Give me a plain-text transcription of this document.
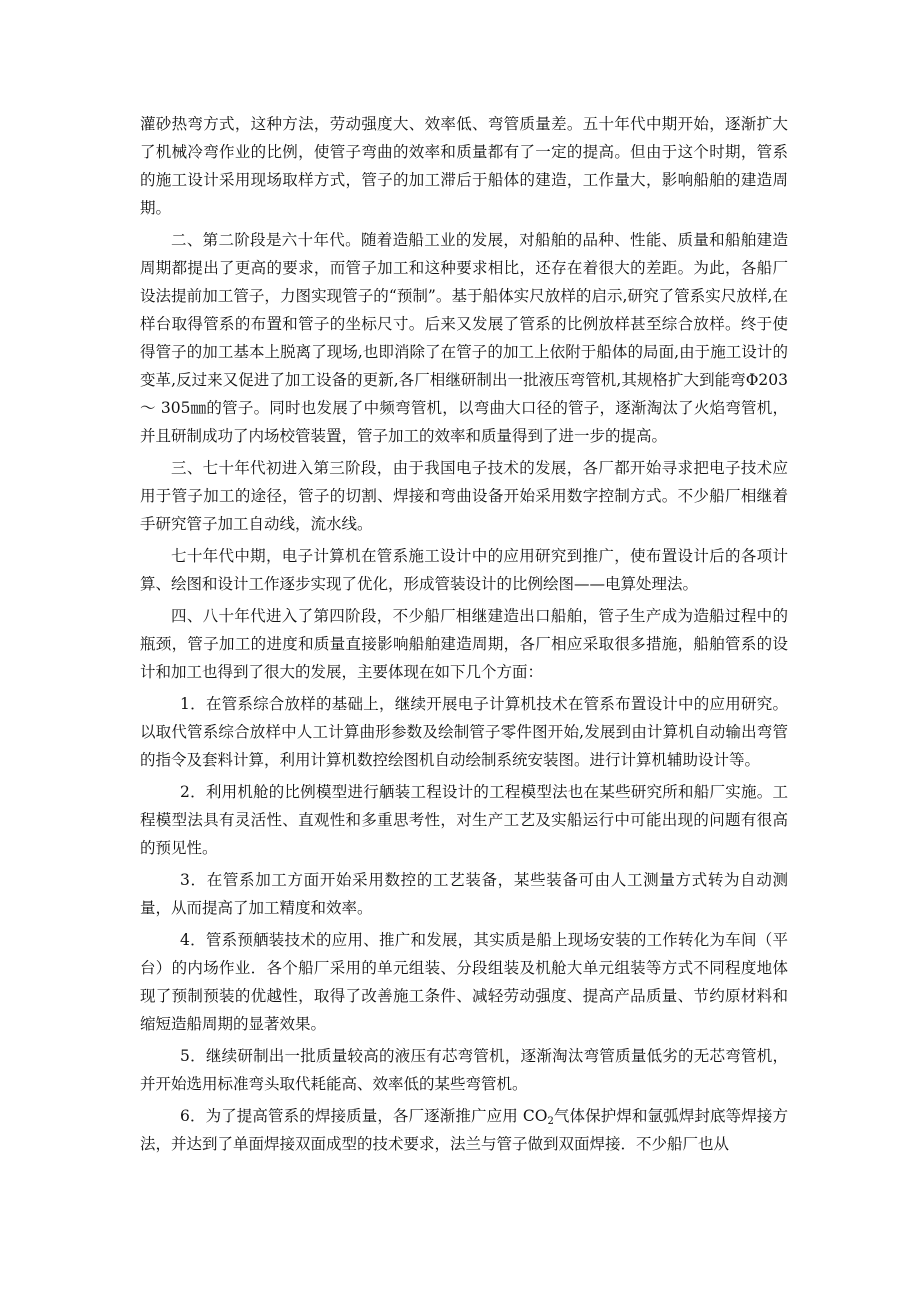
灌砂热弯方式，这种方法，劳动强度大、效率低、弯管质量差。五十年代中期开始，逐渐扩大了机械冷弯作业的比例，使管子弯曲的效率和质量都有了一定的提高。但由于这个时期，管系的施工设计采用现场取样方式，管子的加工滞后于船体的建造，工作量大，影响船舶的建造周期。

二、第二阶段是六十年代。随着造船工业的发展，对船舶的品种、性能、质量和船舶建造周期都提出了更高的要求，而管子加工和这种要求相比，还存在着很大的差距。为此，各船厂设法提前加工管子，力图实现管子的“预制”。基于船体实尺放样的启示,研究了管系实尺放样,在样台取得管系的布置和管子的坐标尺寸。后来又发展了管系的比例放样甚至综合放样。终于使得管子的加工基本上脱离了现场,也即消除了在管子的加工上依附于船体的局面,由于施工设计的变革,反过来又促进了加工设备的更新,各厂相继研制出一批液压弯管机,其规格扩大到能弯Φ203 ～ 305㎜的管子。同时也发展了中频弯管机，以弯曲大口径的管子，逐渐淘汰了火焰弯管机，并且研制成功了内场校管装置，管子加工的效率和质量得到了进一步的提高。

三、七十年代初进入第三阶段，由于我国电子技术的发展，各厂都开始寻求把电子技术应用于管子加工的途径，管子的切割、焊接和弯曲设备开始采用数字控制方式。不少船厂相继着手研究管子加工自动线，流水线。

七十年代中期，电子计算机在管系施工设计中的应用研究到推广，使布置设计后的各项计算、绘图和设计工作逐步实现了优化，形成管装设计的比例绘图——电算处理法。

四、八十年代进入了第四阶段，不少船厂相继建造出口船舶，管子生产成为造船过程中的瓶颈，管子加工的进度和质量直接影响船舶建造周期，各厂相应采取很多措施，船舶管系的设计和加工也得到了很大的发展，主要体现在如下几个方面：

1．在管系综合放样的基础上，继续开展电子计算机技术在管系布置设计中的应用研究。以取代管系综合放样中人工计算曲形参数及绘制管子零件图开始,发展到由计算机自动输出弯管的指令及套料计算，利用计算机数控绘图机自动绘制系统安装图。进行计算机辅助设计等。

2．利用机舱的比例模型进行舾装工程设计的工程模型法也在某些研究所和船厂实施。工程模型法具有灵活性、直观性和多重思考性，对生产工艺及实船运行中可能出现的问题有很高的预见性。

3．在管系加工方面开始采用数控的工艺装备，某些装备可由人工测量方式转为自动测量，从而提高了加工精度和效率。

4．管系预舾装技术的应用、推广和发展，其实质是船上现场安装的工作转化为车间（平台）的内场作业．各个船厂采用的单元组装、分段组装及机舱大单元组装等方式不同程度地体现了预制预装的优越性，取得了改善施工条件、减轻劳动强度、提高产品质量、节约原材料和缩短造船周期的显著效果。

5．继续研制出一批质量较高的液压有芯弯管机，逐渐淘汰弯管质量低劣的无芯弯管机，并开始选用标准弯头取代耗能高、效率低的某些弯管机。

6．为了提高管系的焊接质量，各厂逐渐推广应用 $CO_2$气体保护焊和氩弧焊封底等焊接方法，并达到了单面焊接双面成型的技术要求，法兰与管子做到双面焊接．不少船厂也从
